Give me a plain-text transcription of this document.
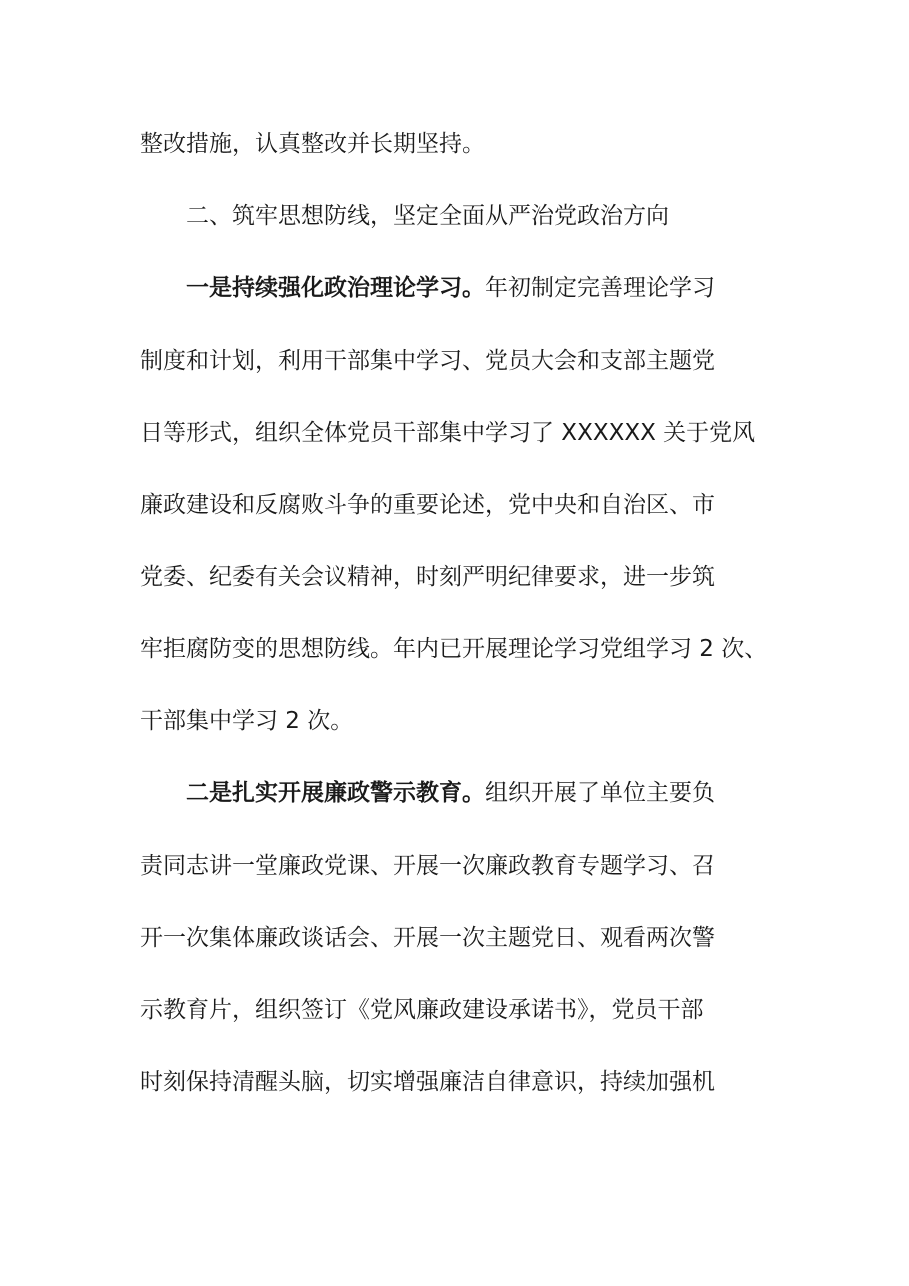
整改措施，认真整改并长期坚持。
二、筑牢思想防线，坚定全面从严治党政治方向
一是持续强化政治理论学习。年初制定完善理论学习
制度和计划，利用干部集中学习、党员大会和支部主题党
日等形式，组织全体党员干部集中学习了 XXXXXX 关于党风
廉政建设和反腐败斗争的重要论述，党中央和自治区、市
党委、纪委有关会议精神，时刻严明纪律要求，进一步筑
牢拒腐防变的思想防线。年内已开展理论学习党组学习 2 次、
干部集中学习 2 次。
二是扎实开展廉政警示教育。组织开展了单位主要负
责同志讲一堂廉政党课、开展一次廉政教育专题学习、召
开一次集体廉政谈话会、开展一次主题党日、观看两次警
示教育片，组织签订《党风廉政建设承诺书》，党员干部
时刻保持清醒头脑，切实增强廉洁自律意识，持续加强机
